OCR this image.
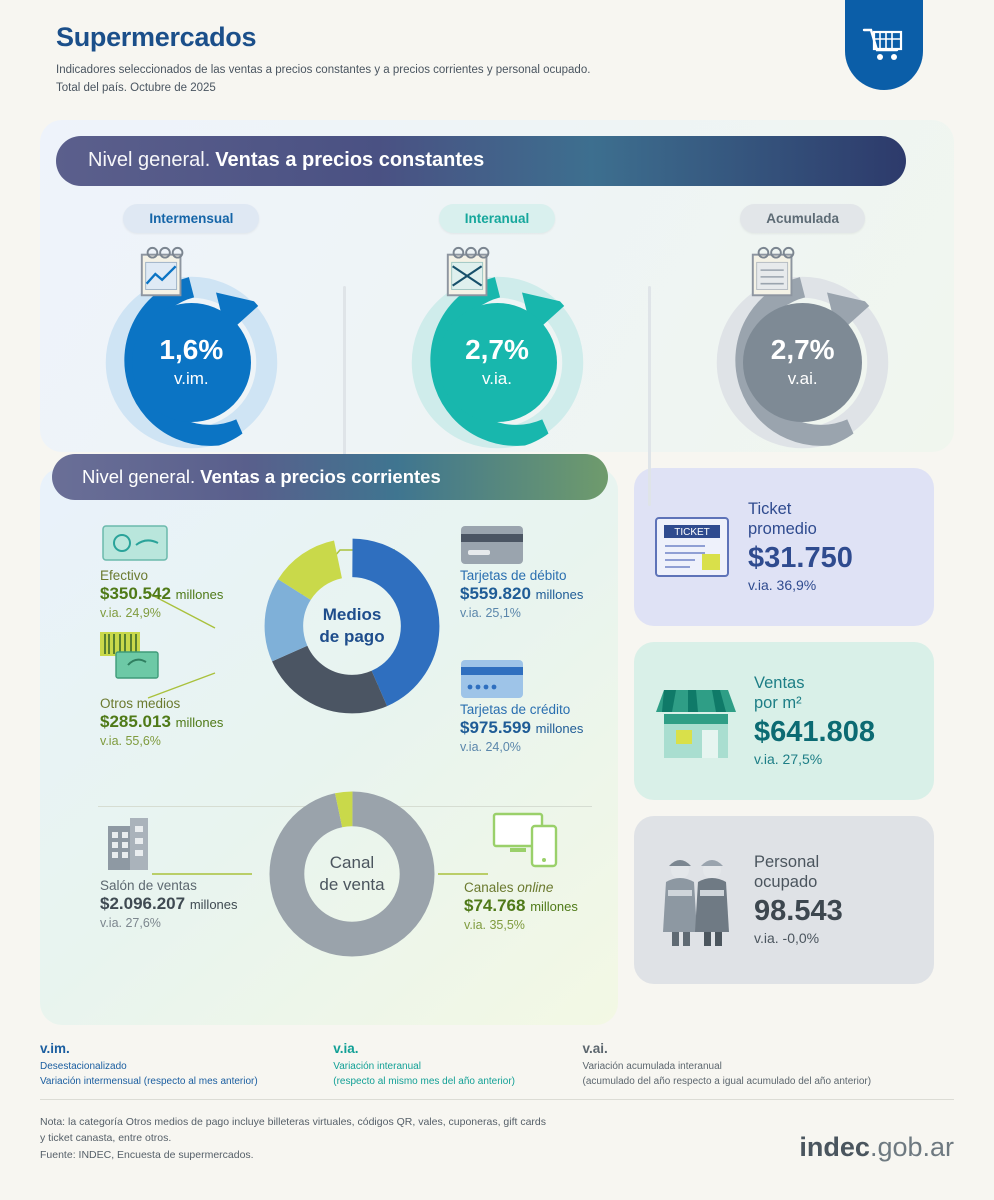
Supermercados
Indicadores seleccionados de las ventas a precios constantes y a precios corrientes y personal ocupado.
Total del país. Octubre de 2025
Nivel general. Ventas a precios constantes
Intermensual
1,6%
v.im.
Interanual
2,7%
v.ia.
Acumulada
2,7%
v.ai.
Nivel general. Ventas a precios corrientes
Medios
de pago
Efectivo
$350.542 millones
v.ia. 24,9%
Otros medios
$285.013 millones
v.ia. 55,6%
Tarjetas de débito
$559.820 millones
v.ia. 25,1%
Tarjetas de crédito
$975.599 millones
v.ia. 24,0%
Canal
de venta
Salón de ventas
$2.096.207 millones
v.ia. 27,6%
Canales online
$74.768 millones
v.ia. 35,5%
TICKET
Ticket
promedio
$31.750
v.ia. 36,9%
Ventas
por m²
$641.808
v.ia. 27,5%
Personal
ocupado
98.543
v.ia. -0,0%
v.im.
Desestacionalizado
Variación intermensual (respecto al mes anterior)
v.ia.
Variación interanual
(respecto al mismo mes del año anterior)
v.ai.
Variación acumulada interanual
(acumulado del año respecto a igual acumulado del año anterior)
Nota: la categoría Otros medios de pago incluye billeteras virtuales, códigos QR, vales, cuponeras, gift cards
y ticket canasta, entre otros.
Fuente: INDEC, Encuesta de supermercados.	indec.gob.ar
